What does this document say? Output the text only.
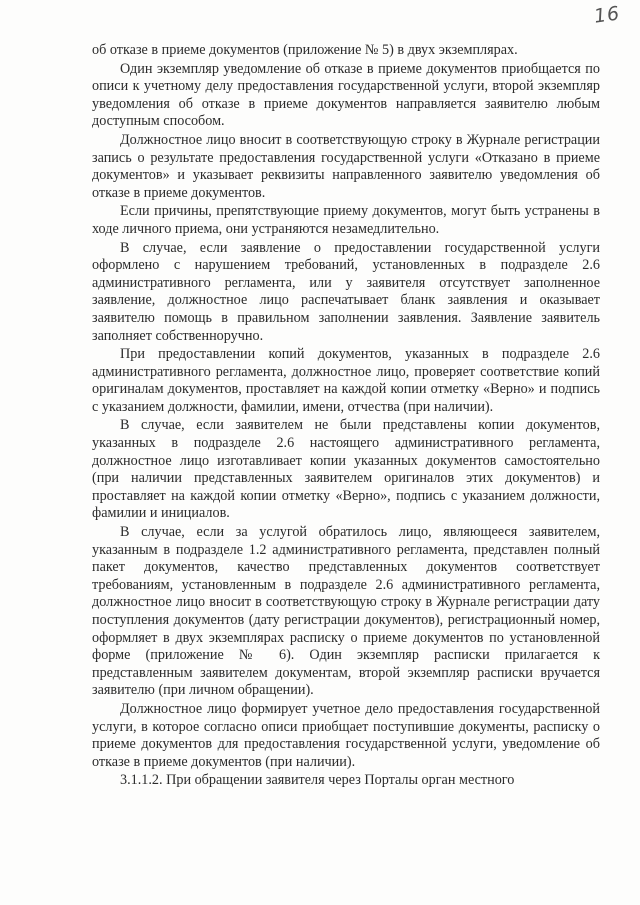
16

об отказе в приеме документов (приложение № 5) в двух экземплярах.

Один экземпляр уведомление об отказе в приеме документов приобщается по описи к учетному делу предоставления государственной услуги, второй экземпляр уведомления об отказе в приеме документов направляется заявителю любым доступным способом.

Должностное лицо вносит в соответствующую строку в Журнале регистрации запись о результате предоставления государственной услуги «Отказано в приеме документов» и указывает реквизиты направленного заявителю уведомления об отказе в приеме документов.

Если причины, препятствующие приему документов, могут быть устранены в ходе личного приема, они устраняются незамедлительно.

В случае, если заявление о предоставлении государственной услуги оформлено с нарушением требований, установленных в подразделе 2.6 административного регламента, или у заявителя отсутствует заполненное заявление, должностное лицо распечатывает бланк заявления и оказывает заявителю помощь в правильном заполнении заявления. Заявление заявитель заполняет собственноручно.

При предоставлении копий документов, указанных в подразделе 2.6 административного регламента, должностное лицо, проверяет соответствие копий оригиналам документов, проставляет на каждой копии отметку «Верно» и подпись с указанием должности, фамилии, имени, отчества (при наличии).

В случае, если заявителем не были представлены копии документов, указанных в подразделе 2.6 настоящего административного регламента, должностное лицо изготавливает копии указанных документов самостоятельно (при наличии представленных заявителем оригиналов этих документов) и проставляет на каждой копии отметку «Верно», подпись с указанием должности, фамилии и инициалов.

В случае, если за услугой обратилось лицо, являющееся заявителем, указанным в подразделе 1.2 административного регламента, представлен полный пакет документов, качество представленных документов соответствует требованиям, установленным в подразделе 2.6 административного регламента, должностное лицо вносит в соответствующую строку в Журнале регистрации дату поступления документов (дату регистрации документов), регистрационный номер, оформляет в двух экземплярах расписку о приеме документов по установленной форме (приложение № 6). Один экземпляр расписки прилагается к представленным заявителем документам, второй экземпляр расписки вручается заявителю (при личном обращении).

Должностное лицо формирует учетное дело предоставления государственной услуги, в которое согласно описи приобщает поступившие документы, расписку о приеме документов для предоставления государственной услуги, уведомление об отказе в приеме документов (при наличии).

3.1.1.2. При обращении заявителя через Порталы орган местного
